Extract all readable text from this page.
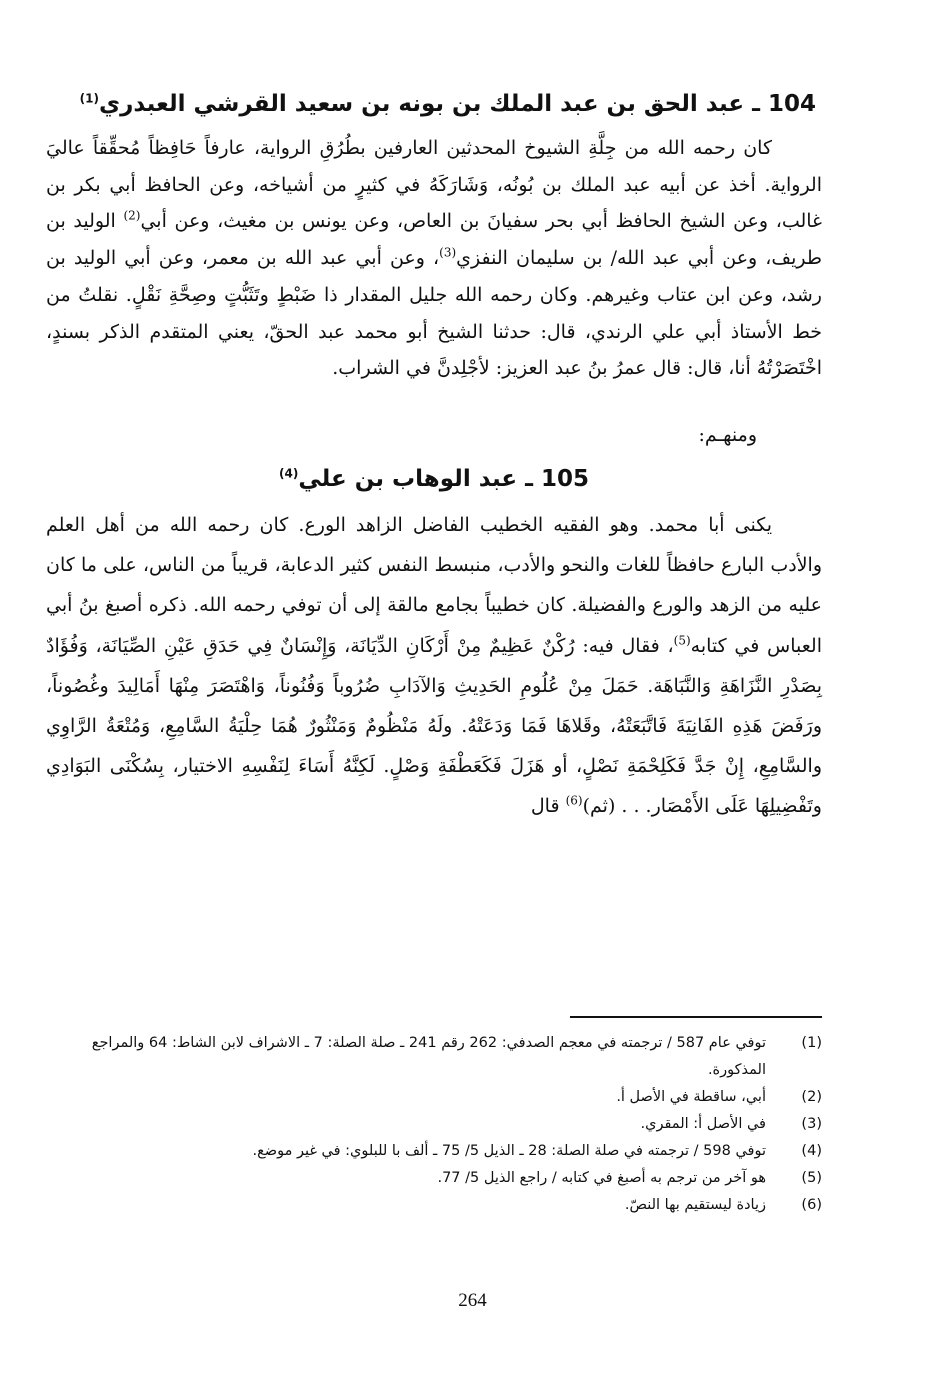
104 ـ عبد الحق بن عبد الملك بن بونه بن سعيد القرشي العبدري$^{(1)}$

كان رحمه الله من جِلَّةِ الشيوخ المحدثين العارفين بطُرُقِ الرواية، عارفاً حَافِظاً مُحقِّقاً عاليَ الرواية. أخذ عن أبيه عبد الملك بن بُونُه، وَشَارَكَهُ في كثيرٍ من أشياخه، وعن الحافظ أبي بكر بن غالب، وعن الشيخ الحافظ أبي بحر سفيانَ بن العاص، وعن يونس بن مغيث، وعن أبي$^{(2)}$ الوليد بن طريف، وعن أبي عبد الله/ بن سليمان النفزي$^{(3)}$، وعن أبي عبد الله بن معمر، وعن أبي الوليد بن رشد، وعن ابن عتاب وغيرهم. وكان رحمه الله جليل المقدار ذا ضَبْطٍ وتَثَبُّتٍ وصِحَّةِ نَقْلٍ. نقلتُ من خط الأستاذ أبي علي الرندي، قال: حدثنا الشيخ أبو محمد عبد الحقّ، يعني المتقدم الذكر بسندٍ، اخْتَصَرْتُهُ أنا، قال: قال عمرُ بنُ عبد العزيز: لأجْلِدنَّ في الشراب.

ومنهـم:
105 ـ عبد الوهاب بن علي$^{(4)}$

يكنى أبا محمد. وهو الفقيه الخطيب الفاضل الزاهد الورع. كان رحمه الله من أهل العلم والأدب البارع حافظاً للغات والنحو والأدب، منبسط النفس كثير الدعابة، قريباً من الناس، على ما كان عليه من الزهد والورع والفضيلة. كان خطيباً بجامع مالقة إلى أن توفي رحمه الله. ذكره أصبغ بنُ أبي العباس في كتابه$^{(5)}$، فقال فيه: رُكْنٌ عَظِيمٌ مِنْ أَرْكَانِ الدِّيَانَة، وَإِنْسَانٌ فِي حَدَقِ عَيْنِ الصِّيَانَة، وَفُؤَادٌ بِصَدْرِ النَّزَاهَةِ وَالنَّبَاهَة. حَمَلَ مِنْ عُلُومِ الحَدِيثِ وَالآدَابِ ضُرُوباً وَفُنُوناً، وَاهْتَصَرَ مِنْهَا أَمَالِيدَ وغُصُوناً، ورَفَضَ هَذِهِ الفَانِيَةَ فَاتَّبَعَتْهُ، وقَلاهَا فَمَا وَدَعَتْهُ. ولَهُ مَنْظُومٌ وَمَنْثُورٌ هُمَا حِلْيَةُ السَّامِعِ، وَمُتْعَةُ الرَّاوِي والسَّامِعِ، إِنْ جَدَّ فَكَلِحْمَةِ نَصْلٍ، أو هَزَلَ فَكَعَطْفَةِ وَصْلٍ. لَكِنَّهُ أَسَاءَ لِنَفْسِهِ الاختيار، بِسُكْنَى البَوَادِي وتَفْضِيلِهَا عَلَى الأَمْصَار. . . (ثم)$^{(6)}$ قال

(1)
توفي عام 587 / ترجمته في معجم الصدفي: 262 رقم 241 ـ صلة الصلة: 7 ـ الاشراف لابن الشاط: 64 والمراجع المذكورة.
(2)
أبي، ساقطة في الأصل أ.
(3)
في الأصل أ: المقري.
(4)
توفي 598 / ترجمته في صلة الصلة: 28 ـ الذيل 5/ 75 ـ ألف با للبلوي: في غير موضع.
(5)
هو آخر من ترجم به أصبغ في كتابه / راجع الذيل 5/ 77.
(6)
زيادة ليستقيم بها النصّ.
264
